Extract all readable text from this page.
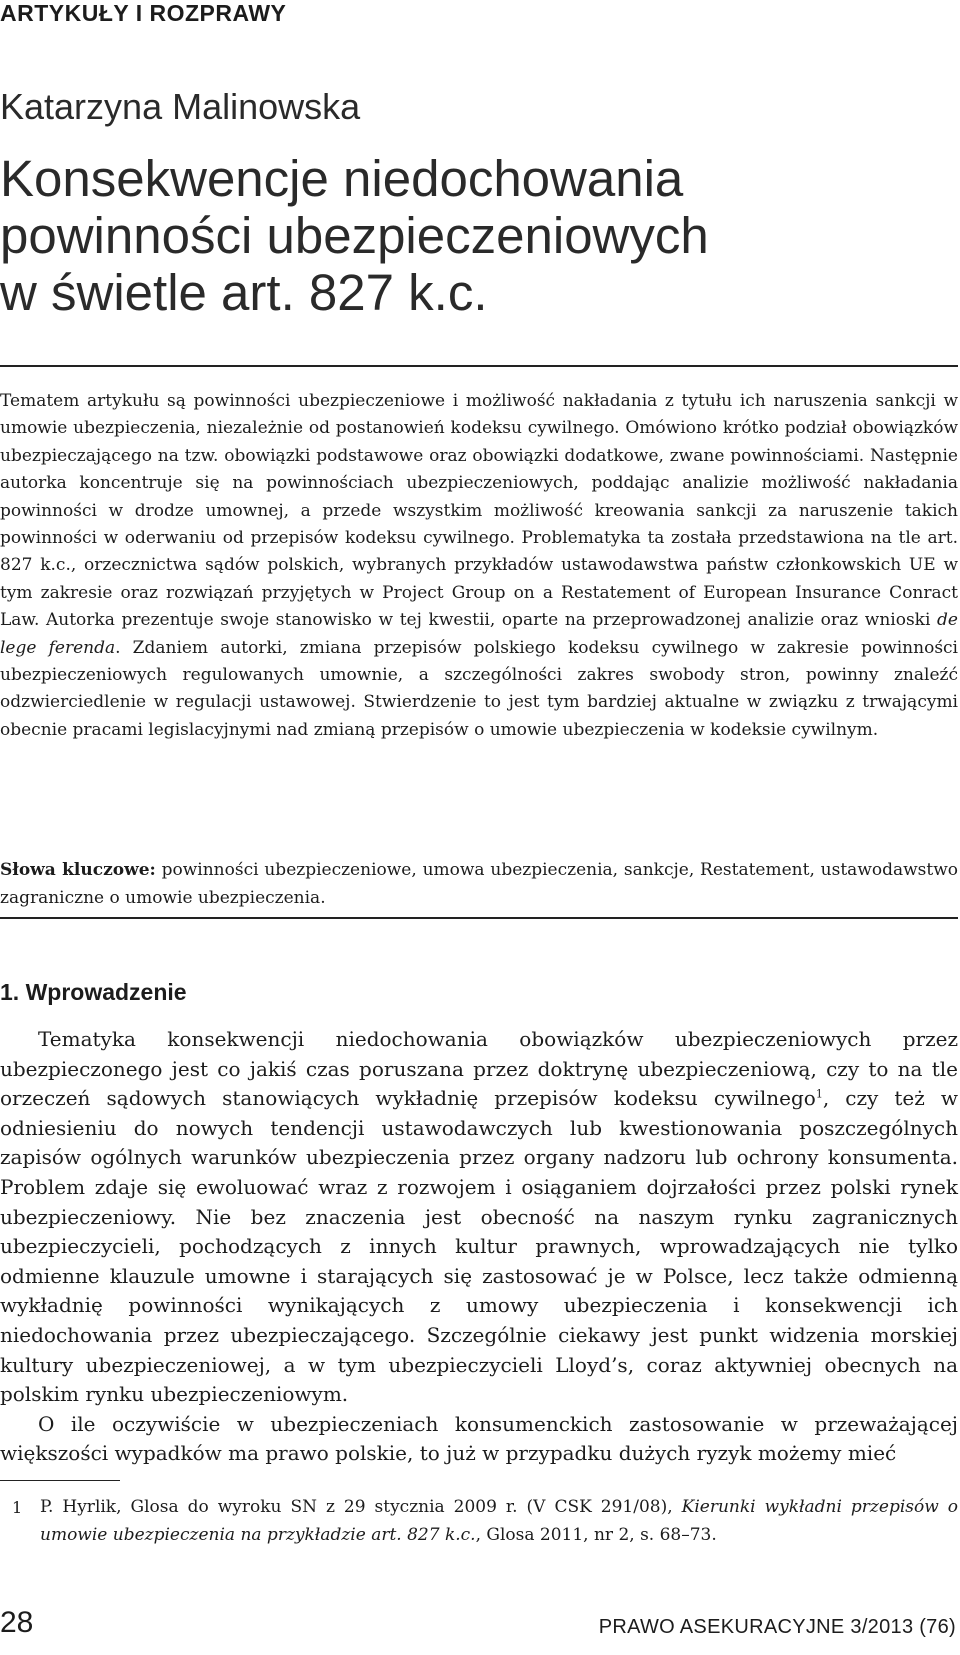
ARTYKUŁY I ROZPRAWY
Katarzyna Malinowska
Konsekwencje niedochowania
powinności ubezpieczeniowych
w świetle art. 827 k.c.

Tematem artykułu są powinności ubezpieczeniowe i możliwość nakładania z tytułu ich naruszenia sankcji w umowie ubezpieczenia, niezależnie od postanowień kodeksu cywilnego. Omówiono krótko podział obowiązków ubezpieczającego na tzw. obowiązki podstawowe oraz obowiązki dodatkowe, zwane powinnościami. Następnie autorka koncentruje się na powinnościach ubezpieczeniowych, poddając analizie możliwość nakładania powinności w drodze umownej, a przede wszystkim możliwość kreowania sankcji za naruszenie takich powinności w oderwaniu od przepisów kodeksu cywilnego. Problematyka ta została przedstawiona na tle art. 827 k.c., orzecznictwa sądów polskich, wybranych przykładów ustawodawstwa państw członkowskich UE w tym zakresie oraz rozwiązań przyjętych w Project Group on a Restatement of European Insurance Conract Law. Autorka prezentuje swoje stanowisko w tej kwestii, oparte na przeprowadzonej analizie oraz wnioski de lege ferenda. Zdaniem autorki, zmiana przepisów polskiego kodeksu cywilnego w zakresie powinności ubezpieczeniowych regulowanych umownie, a szczególności zakres swobody stron, powinny znaleźć odzwierciedlenie w regulacji ustawowej. Stwierdzenie to jest tym bardziej aktualne w związku z trwającymi obecnie pracami legislacyjnymi nad zmianą przepisów o umowie ubezpieczenia w kodeksie cywilnym.

Słowa kluczowe: powinności ubezpieczeniowe, umowa ubezpieczenia, sankcje, Restatement, ustawodawstwo zagraniczne o umowie ubezpieczenia.
1. Wprowadzenie

Tematyka konsekwencji niedochowania obowiązków ubezpieczeniowych przez ubezpieczonego jest co jakiś czas poruszana przez doktrynę ubezpieczeniową, czy to na tle orzeczeń sądowych stanowiących wykładnię przepisów kodeksu cywilnego$^1$, czy też w odniesieniu do nowych tendencji ustawodawczych lub kwestionowania poszczególnych zapisów ogólnych warunków ubezpieczenia przez organy nadzoru lub ochrony konsumenta. Problem zdaje się ewoluować wraz z rozwojem i osiąganiem dojrzałości przez polski rynek ubezpieczeniowy. Nie bez znaczenia jest obecność na naszym rynku zagranicznych ubezpieczycieli, pochodzących z innych kultur prawnych, wprowadzających nie tylko odmienne klauzule umowne i starających się zastosować je w Polsce, lecz także odmienną wykładnię powinności wynikających z umowy ubezpieczenia i konsekwencji ich niedochowania przez ubezpieczającego. Szczególnie ciekawy jest punkt widzenia morskiej kultury ubezpieczeniowej, a w tym ubezpieczycieli Lloyd’s, coraz aktywniej obecnych na polskim rynku ubezpieczeniowym.

O ile oczywiście w ubezpieczeniach konsumenckich zastosowanie w przeważającej większości wypadków ma prawo polskie, to już w przypadku dużych ryzyk możemy mieć

1 P. Hyrlik, Glosa do wyroku SN z 29 stycznia 2009 r. (V CSK 291/08), Kierunki wykładni przepisów o umowie ubezpieczenia na przykładzie art. 827 k.c., Glosa 2011, nr 2, s. 68–73.
28	PRAWO ASEKURACYJNE 3/2013 (76)
